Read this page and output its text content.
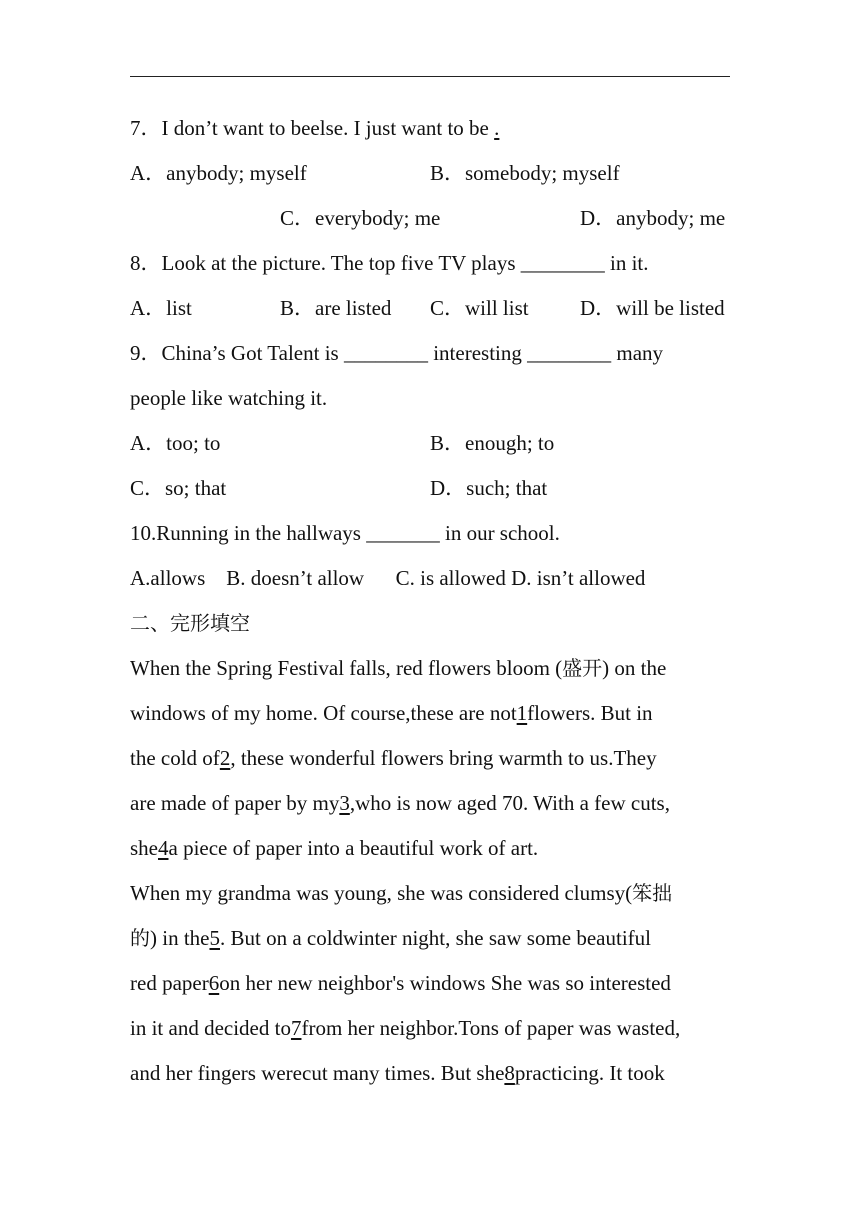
7．I don’t want to beelse. I just want to be .
A．anybody; myself	B．somebody; myself
C．everybody; me	D．anybody; me
8．Look at the picture. The top five TV plays ________ in it.
A．list	B．are listed C．will list D．will be listed
9．China’s Got Talent is ________ interesting ________ many
people like watching it.
A．too; to	B．enough; to
C．so; that	D．such; that
10.Running in the hallways _______ in our school.
A.allows    B. doesn’t allow      C. is allowed D. isn’t allowed
二、完形填空
When the Spring Festival falls, red flowers bloom (盛开) on the
windows of my home. Of course,these are not1flowers. But in
the cold of2, these wonderful flowers bring warmth to us.They
are made of paper by my3,who is now aged 70. With a few cuts,
she4a piece of paper into a beautiful work of art.
When my grandma was young, she was considered clumsy(笨拙
的) in the5. But on a coldwinter night, she saw some beautiful
red paper6on her new neighbor's windows She was so interested
in it and decided to7from her neighbor.Tons of paper was wasted,
and her fingers werecut many times. But she8practicing. It took
